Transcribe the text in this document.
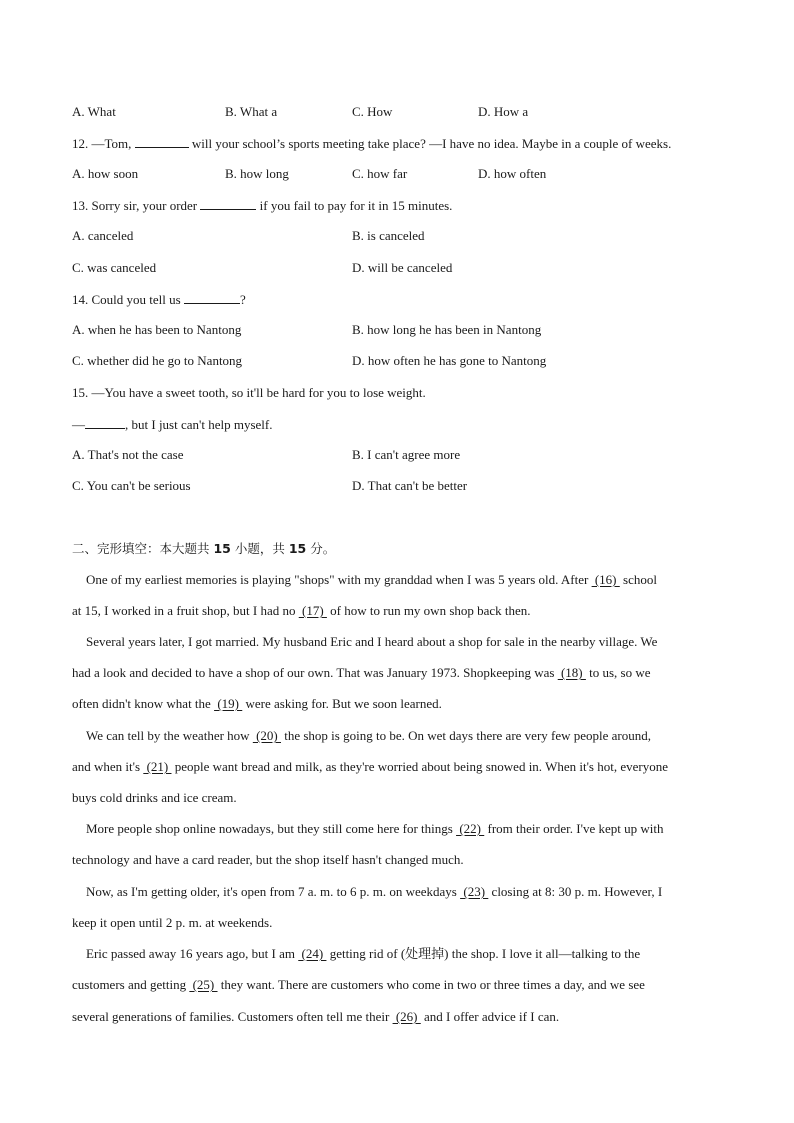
A. What	B. What a	C. How	D. How a
12. —Tom,	will your school’s sports meeting take place? —I have no idea. Maybe in a couple of weeks.
A. how soon	B. how long	C. how far	D. how often
13. Sorry sir, your order	if you fail to pay for it in 15 minutes.
A. canceled	B. is canceled
C. was canceled	D. will be canceled
14. Could you tell us	?
A. when he has been to Nantong	B. how long he has been in Nantong
C. whether did he go to Nantong	D. how often he has gone to Nantong
15. —You have a sweet tooth, so it'll be hard for you to lose weight.
—	, but I just can't help myself.
A. That's not the case	B. I can't agree more
C. You can't be serious	D. That can't be better
二、完形填空：本大题共 15 小题，共 15 分。
One of my earliest memories is playing "shops" with my granddad when I was 5 years old. After  (16)  school
at 15, I worked in a fruit shop, but I had no  (17)  of how to run my own shop back then.
Several years later, I got married. My husband Eric and I heard about a shop for sale in the nearby village. We
had a look and decided to have a shop of our own. That was January 1973. Shopkeeping was  (18)  to us, so we
often didn't know what the  (19)  were asking for. But we soon learned.
We can tell by the weather how  (20)  the shop is going to be. On wet days there are very few people around,
and when it's  (21)  people want bread and milk, as they're worried about being snowed in. When it's hot, everyone
buys cold drinks and ice cream.
More people shop online nowadays, but they still come here for things  (22)  from their order. I've kept up with
technology and have a card reader, but the shop itself hasn't changed much.
Now, as I'm getting older, it's open from 7 a. m. to 6 p. m. on weekdays  (23)  closing at 8: 30 p. m. However, I
keep it open until 2 p. m. at weekends.
Eric passed away 16 years ago, but I am  (24)  getting rid of (处理掉) the shop. I love it all—talking to the
customers and getting  (25)  they want. There are customers who come in two or three times a day, and we see
several generations of families. Customers often tell me their  (26)  and I offer advice if I can.
